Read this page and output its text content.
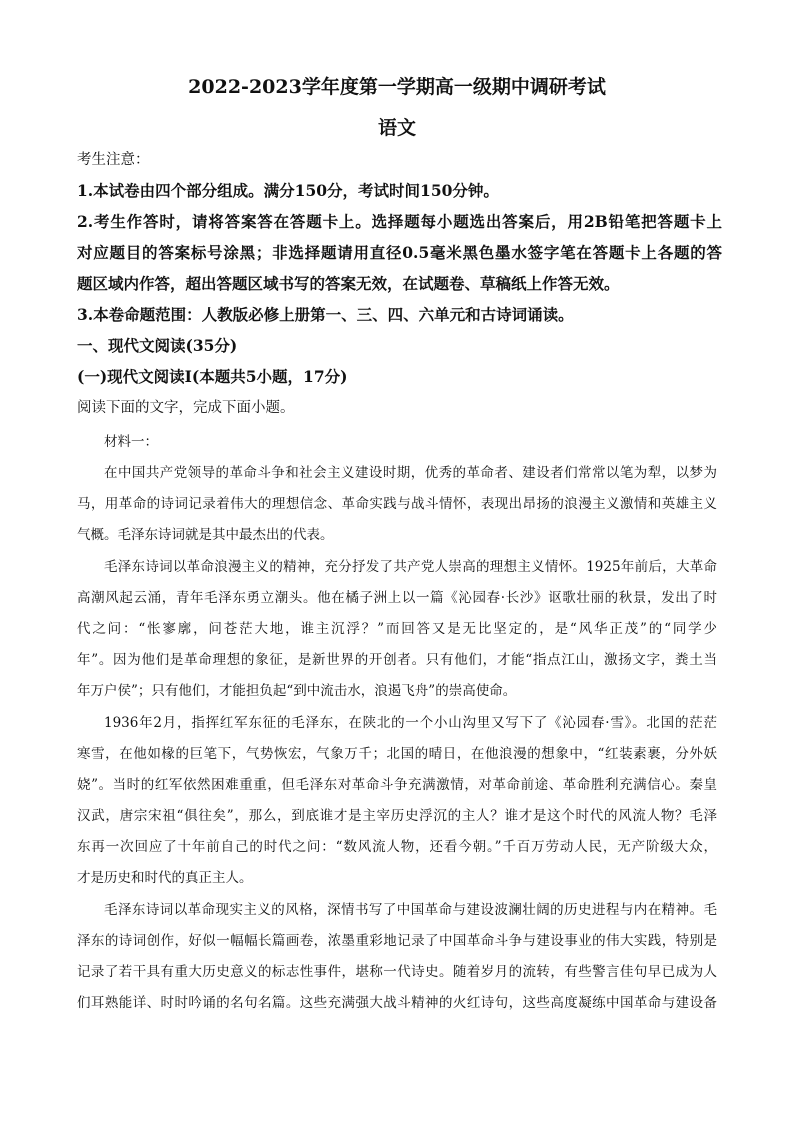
2022-2023学年度第一学期高一级期中调研考试
语文
考生注意：
1.本试卷由四个部分组成。满分150分，考试时间150分钟。
2.考生作答时，请将答案答在答题卡上。选择题每小题选出答案后，用2B铅笔把答题卡上
对应题目的答案标号涂黑；非选择题请用直径0.5毫米黑色墨水签字笔在答题卡上各题的答
题区域内作答，超出答题区域书写的答案无效，在试题卷、草稿纸上作答无效。
3.本卷命题范围：人教版必修上册第一、三、四、六单元和古诗词诵读。
一、现代文阅读(35分)
(一)现代文阅读Ⅰ(本题共5小题，17分)
阅读下面的文字，完成下面小题。
材料一：
在中国共产党领导的革命斗争和社会主义建设时期，优秀的革命者、建设者们常常以笔为犁，以梦为
马，用革命的诗词记录着伟大的理想信念、革命实践与战斗情怀，表现出昂扬的浪漫主义激情和英雄主义
气概。毛泽东诗词就是其中最杰出的代表。
毛泽东诗词以革命浪漫主义的精神，充分抒发了共产党人崇高的理想主义情怀。1925年前后，大革命
高潮风起云涌，青年毛泽东勇立潮头。他在橘子洲上以一篇《沁园春·长沙》讴歌壮丽的秋景，发出了时
代之问：“怅寥廓，问苍茫大地，谁主沉浮？”而回答又是无比坚定的，是“风华正茂”的“同学少
年”。因为他们是革命理想的象征，是新世界的开创者。只有他们，才能“指点江山，激扬文字，粪土当
年万户侯”；只有他们，才能担负起“到中流击水，浪遏飞舟”的崇高使命。
1936年2月，指挥红军东征的毛泽东，在陕北的一个小山沟里又写下了《沁园春·雪》。北国的茫茫
寒雪，在他如椽的巨笔下，气势恢宏，气象万千；北国的晴日，在他浪漫的想象中，“红装素裹，分外妖
娆”。当时的红军依然困难重重，但毛泽东对革命斗争充满激情，对革命前途、革命胜利充满信心。秦皇
汉武，唐宗宋祖“俱往矣”，那么，到底谁才是主宰历史浮沉的主人？谁才是这个时代的风流人物？毛泽
东再一次回应了十年前自己的时代之问：“数风流人物，还看今朝。”千百万劳动人民，无产阶级大众，
才是历史和时代的真正主人。
毛泽东诗词以革命现实主义的风格，深情书写了中国革命与建设波澜壮阔的历史进程与内在精神。毛
泽东的诗词创作，好似一幅幅长篇画卷，浓墨重彩地记录了中国革命斗争与建设事业的伟大实践，特别是
记录了若干具有重大历史意义的标志性事件，堪称一代诗史。随着岁月的流转，有些警言佳句早已成为人
们耳熟能详、时时吟诵的名句名篇。这些充满强大战斗精神的火红诗句，这些高度凝练中国革命与建设备
